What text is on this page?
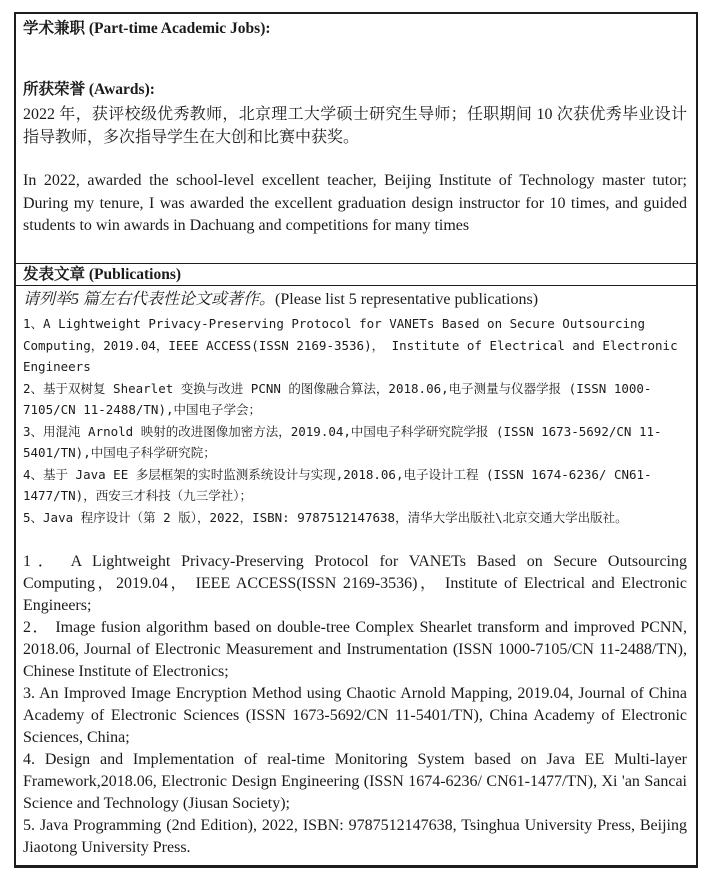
学术兼职 (Part-time Academic Jobs):
所获荣誉 (Awards):

2022 年，获评校级优秀教师，北京理工大学硕士研究生导师；任职期间 10 次获优秀毕业设计指导教师，多次指导学生在大创和比赛中获奖。

In 2022, awarded the school-level excellent teacher, Beijing Institute of Technology master tutor; During my tenure, I was awarded the excellent graduation design instructor for 10 times, and guided students to win awards in Dachuang and competitions for many times

发表文章 (Publications)

请列举5 篇左右代表性论文或著作。(Please list 5 representative publications)

1、A Lightweight Privacy-Preserving Protocol for VANETs Based on Secure Outsourcing Computing，2019.04，IEEE ACCESS(ISSN 2169-3536)， Institute of Electrical and Electronic Engineers

2、基于双树复 Shearlet 变换与改进 PCNN 的图像融合算法，2018.06,电子测量与仪器学报 (ISSN 1000-7105/CN 11-2488/TN),中国电子学会；

3、用混沌 Arnold 映射的改进图像加密方法，2019.04,中国电子科学研究院学报 (ISSN 1673-5692/CN 11-5401/TN),中国电子科学研究院；

4、基于 Java EE 多层框架的实时监测系统设计与实现,2018.06,电子设计工程 (ISSN 1674-6236/ CN61-1477/TN)，西安三才科技（九三学社）；

5、Java 程序设计（第 2 版），2022，ISBN: 9787512147638，清华大学出版社\北京交通大学出版社。

1． A Lightweight Privacy-Preserving Protocol for VANETs Based on Secure Outsourcing Computing，2019.04， IEEE ACCESS(ISSN 2169-3536)， Institute of Electrical and Electronic Engineers;

2． Image fusion algorithm based on double-tree Complex Shearlet transform and improved PCNN, 2018.06, Journal of Electronic Measurement and Instrumentation (ISSN 1000-7105/CN 11-2488/TN), Chinese Institute of Electronics;

3. An Improved Image Encryption Method using Chaotic Arnold Mapping, 2019.04, Journal of China Academy of Electronic Sciences (ISSN 1673-5692/CN 11-5401/TN), China Academy of Electronic Sciences, China;

4. Design and Implementation of real-time Monitoring System based on Java EE Multi-layer Framework,2018.06, Electronic Design Engineering (ISSN 1674-6236/ CN61-1477/TN), Xi 'an Sancai Science and Technology (Jiusan Society);

5. Java Programming (2nd Edition), 2022, ISBN: 9787512147638, Tsinghua University Press, Beijing Jiaotong University Press.
